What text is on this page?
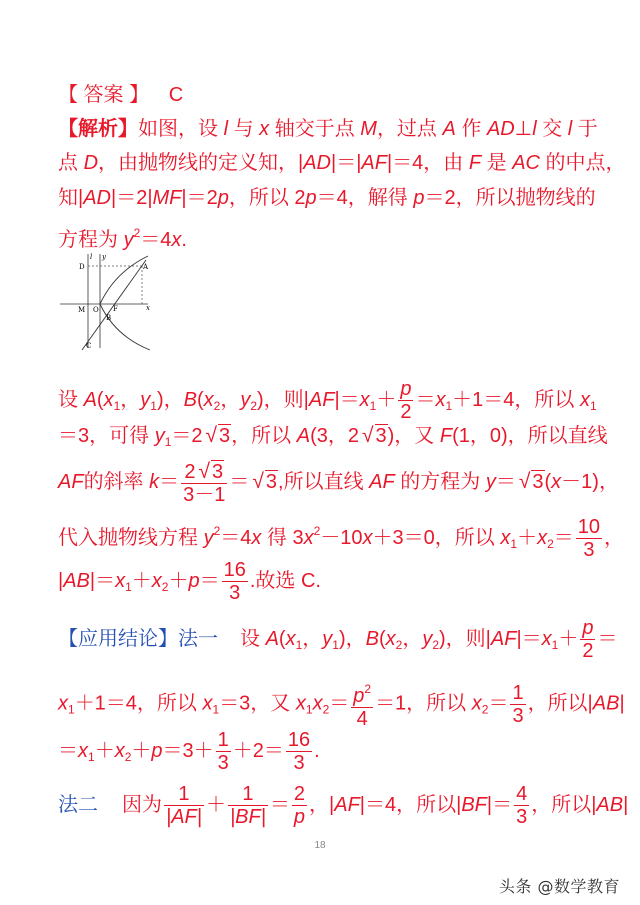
【 答案 】 C
【解析】如图，设 l 与 x 轴交于点 M，过点 A 作 AD⊥l 交 l 于
点 D，由抛物线的定义知，|AD|＝|AF|＝4，由 F 是 AC 的中点，
知|AD|＝2|MF|＝2p，所以 2p＝4，解得 p＝2，所以抛物线的
方程为 $y^2=4x$.
D
y
l
A
M O F	x
B
C
设 $A(x_1$，$y_1$)，$B(x_2$，$y_2$)，则$|AF|=x_1+ \frac{p}{2} =x_1+1=4$，所以 $x_1$
＝3，可得 $y_1=2$ √ 3，所以 A(3，2 √ 3)，又 F(1，0)，所以直线
AF的斜率 $k= \frac{2 √ 3}{3-1}$ ＝ √ 3,所以直线 AF 的方程为 y＝ √ 3(x－1)，
代入抛物线方程 $y^2=4x$ 得 $3x^2-10x+3=0$，所以 $x_1+x_2= \frac{10}{3}$ ，
$|AB|=x_1+x_2+p= \frac{16}{3}$ .故选 C.
【应用结论】法一 设 $A(x_1$，$y_1$)，$B(x_2$，$y_2$)，则$|AF|=x_1+ \frac{p}{2}$ ＝
$x_1+1=4$，所以 $x_1=3$，又 $x_1x_2= \frac{p^2}{4} =1$，所以 $x_2= \frac{1}{3}$ ，所以|AB|
$=x_1+x_2+p=3+ \frac{1}{3} +2= \frac{16}{3}$ .
法二 因为 $\frac{1}{|AF|} + \frac{1}{|BF|} = \frac{2}{p}$ ，|AF|＝4，所以$|BF|= \frac{4}{3}$ ，所以|AB|
18
头条 @数学教育
